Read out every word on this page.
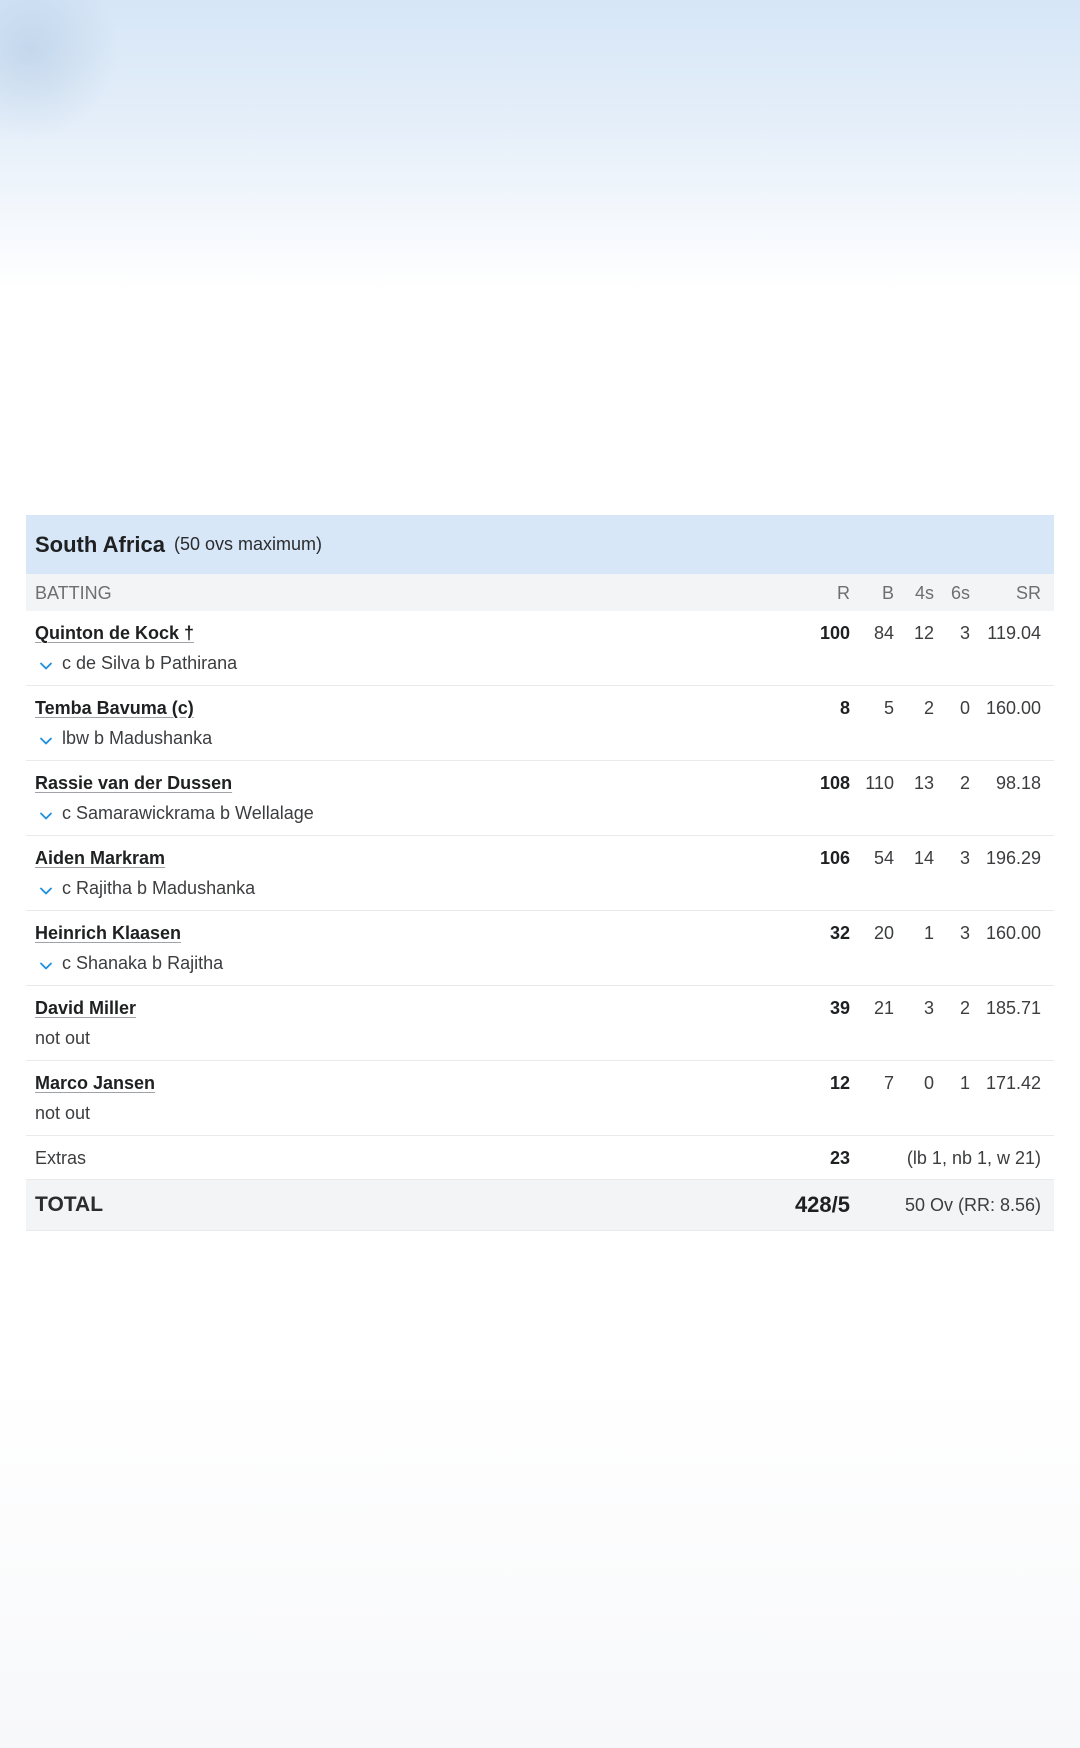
South Africa (50 ovs maximum)
BATTING	R	B	4s 6s	SR
Quinton de Kock †
c de Silva b Pathirana
100	84	12	3 119.04
Temba Bavuma (c)
lbw b Madushanka
8	5	2	0 160.00
Rassie van der Dussen
c Samarawickrama b Wellalage
108 110	13	2	98.18
Aiden Markram
c Rajitha b Madushanka
106	54	14	3 196.29
Heinrich Klaasen
c Shanaka b Rajitha
32	20	1	3 160.00
David Miller
not out
39	21	3	2 185.71
Marco Jansen
not out
12	7	0	1 171.42
Extras	23	(lb 1, nb 1, w 21)
TOTAL	428/5	50 Ov (RR: 8.56)
